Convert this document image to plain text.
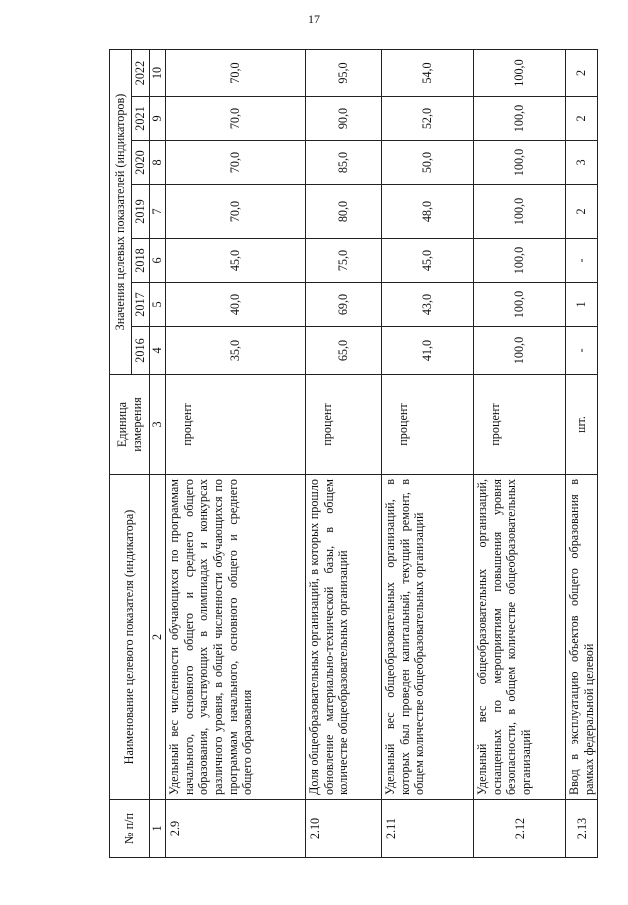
17
№ п/п	Наименование целевого показателя (индикатора)	Единица измерения	Значения целевых показателей (индикаторов)						
			2016	2017	2018	2019	2020	2021	2022
1	2	3	4	5	6	7	8	9	10
2.9	Удельный вес численности обучающихся по программам начального, основного общего и среднего общего образования, участвующих в олимпиадах и конкурсах различного уровня, в общей численности обучающихся по программам начального, основного общего и среднего общего образования	процент	35,0	40,0	45,0	70,0	70,0	70,0	70,0
2.10	Доля общеобразовательных организаций, в которых прошло обновление материально-технической базы, в общем количестве общеобразовательных организаций	процент	65,0	69,0	75,0	80,0	85,0	90,0	95,0
2.11	Удельный вес общеобразовательных организаций, в которых был проведен капитальный, текущий ремонт, в общем количестве общеобразовательных организаций	процент	41,0	43,0	45,0	48,0	50,0	52,0	54,0
2.12	Удельный вес общеобразовательных организаций, оснащенных по мероприятиям повышения уровня безопасности, в общем количестве общеобразовательных организаций	процент	100,0	100,0	100,0	100,0	100,0	100,0	100,0
2.13	Ввод в эксплуатацию объектов общего образования в рамках федеральной целевой	шт.	-	1	-	2	3	2	2
